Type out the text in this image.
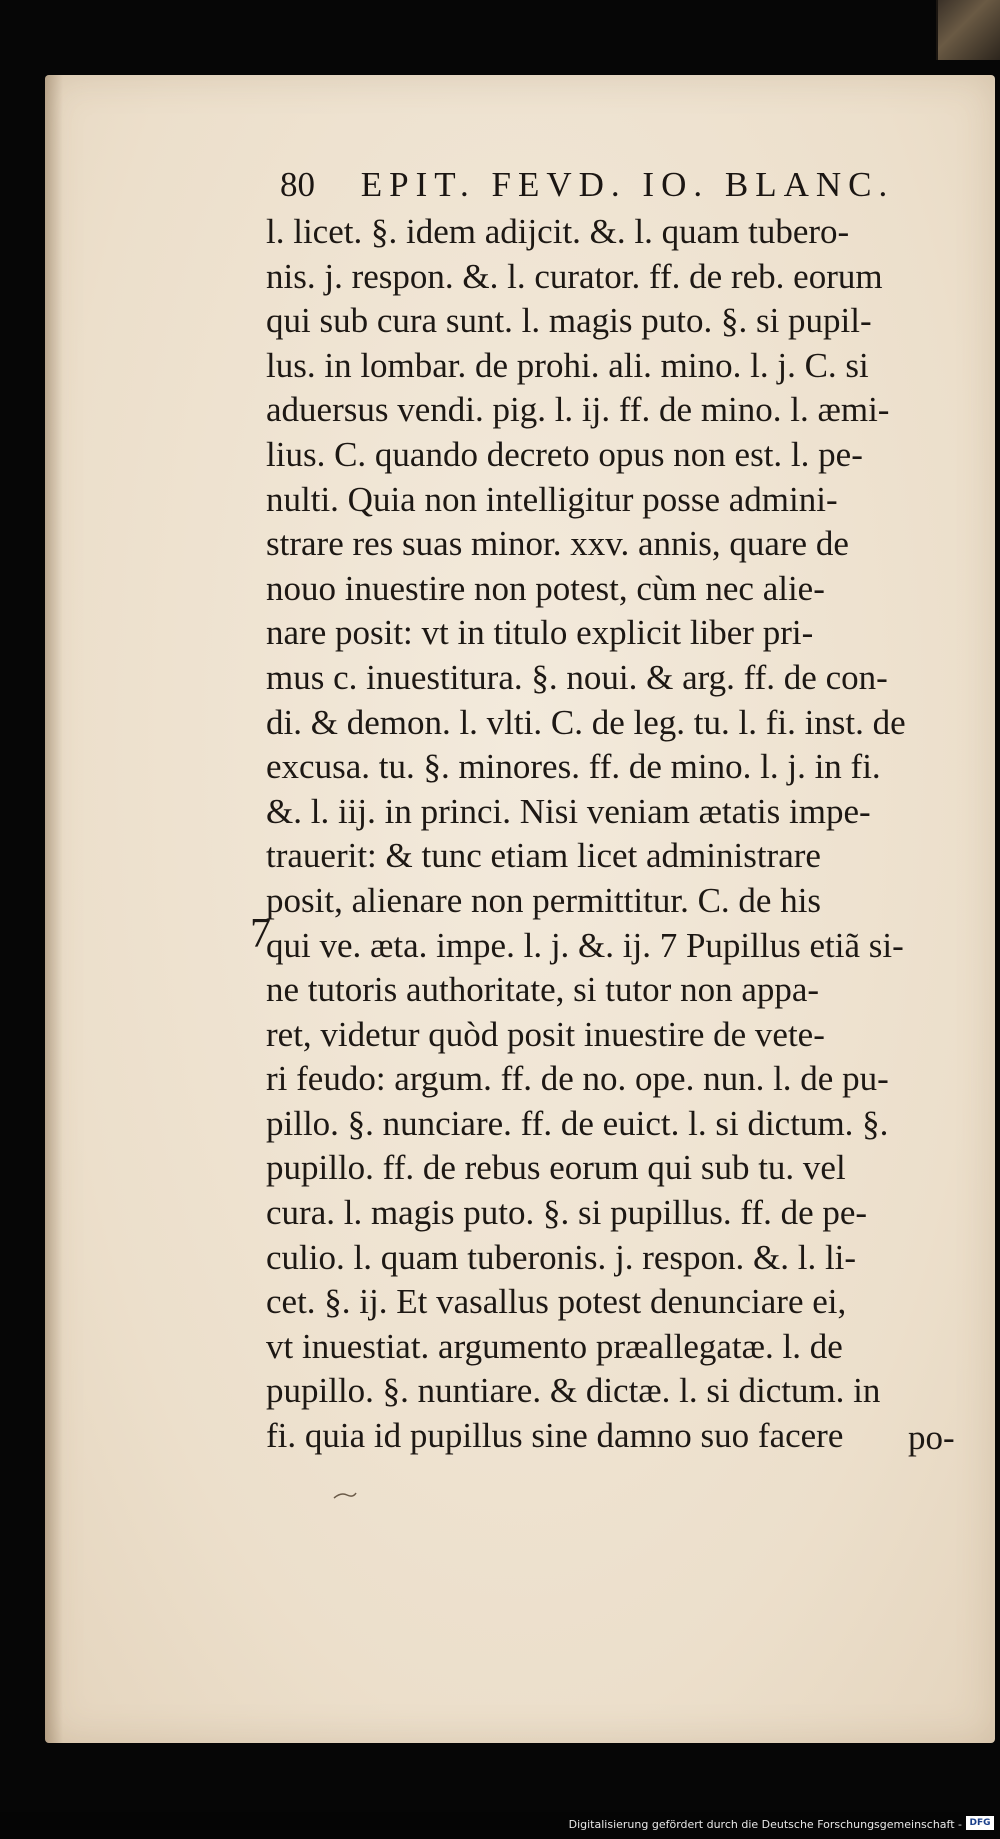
80 EPIT. FEVD. IO. BLANC.
l. licet. §. idem adijcit. &. l. quam tubero-
nis. j. respon. &. l. curator. ff. de reb. eorum
qui sub cura sunt. l. magis puto. §. si pupil-
lus. in lombar. de prohi. ali. mino. l. j. C. si
aduersus vendi. pig. l. ij. ff. de mino. l. æmi-
lius. C. quando decreto opus non est. l. pe-
nulti. Quia non intelligitur posse admini-
strare res suas minor. xxv. annis, quare de
nouo inuestire non potest, cùm nec alie-
nare posit: vt in titulo explicit liber pri-
mus c. inuestitura. §. noui. & arg. ff. de con-
di. & demon. l. vlti. C. de leg. tu. l. fi. inst. de
excusa. tu. §. minores. ff. de mino. l. j. in fi.
&. l. iij. in princi. Nisi veniam ætatis impe-
trauerit: & tunc etiam licet administrare
posit, alienare non permittitur. C. de his
qui ve. æta. impe. l. j. &. ij. 7 Pupillus etiã si-
ne tutoris authoritate, si tutor non appa-
ret, videtur quòd posit inuestire de vete-
ri feudo: argum. ff. de no. ope. nun. l. de pu-
pillo. §. nunciare. ff. de euict. l. si dictum. §.
pupillo. ff. de rebus eorum qui sub tu. vel
cura. l. magis puto. §. si pupillus. ff. de pe-
culio. l. quam tuberonis. j. respon. &. l. li-
cet. §. ij. Et vasallus potest denunciare ei,
vt inuestiat. argumento præallegatæ. l. de
pupillo. §. nuntiare. & dictæ. l. si dictum. in
fi. quia id pupillus sine damno suo facere
7
po-
Digitalisierung gefördert durch die Deutsche Forschungsgemeinschaft - DFG
